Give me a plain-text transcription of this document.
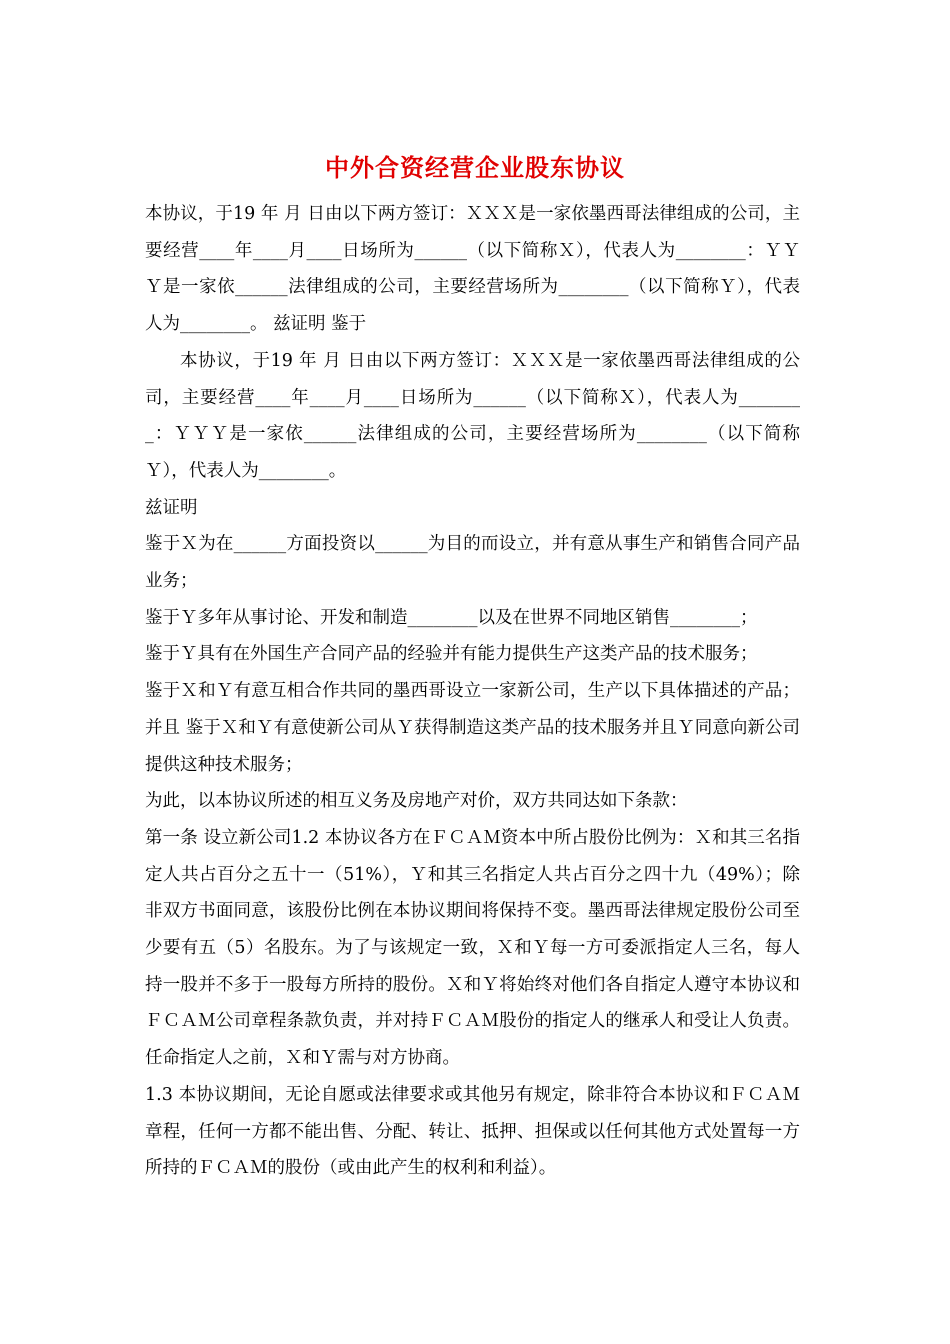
中外合资经营企业股东协议

本协议，于19 年 月 日由以下两方签订：ＸＸＸ是一家依墨西哥法律组成的公司，主要经营____年____月____日场所为______（以下简称Ｘ），代表人为________：ＹＹＹ是一家依______法律组成的公司，主要经营场所为________（以下简称Ｙ），代表人为________。 兹证明 鉴于

本协议，于19 年 月 日由以下两方签订：ＸＸＸ是一家依墨西哥法律组成的公司，主要经营____年____月____日场所为______（以下简称Ｘ），代表人为________：ＹＹＹ是一家依______法律组成的公司，主要经营场所为________（以下简称Ｙ），代表人为________。

兹证明

鉴于Ｘ为在______方面投资以______为目的而设立，并有意从事生产和销售合同产品业务；

鉴于Ｙ多年从事讨论、开发和制造________以及在世界不同地区销售________；

鉴于Ｙ具有在外国生产合同产品的经验并有能力提供生产这类产品的技术服务；

鉴于Ｘ和Ｙ有意互相合作共同的墨西哥设立一家新公司，生产以下具体描述的产品；并且 鉴于Ｘ和Ｙ有意使新公司从Ｙ获得制造这类产品的技术服务并且Ｙ同意向新公司提供这种技术服务；

为此，以本协议所述的相互义务及房地产对价，双方共同达如下条款：

第一条 设立新公司1.2 本协议各方在ＦＣＡＭ资本中所占股份比例为：Ｘ和其三名指定人共占百分之五十一（51%），Ｙ和其三名指定人共占百分之四十九（49%）；除非双方书面同意，该股份比例在本协议期间将保持不变。墨西哥法律规定股份公司至少要有五（5）名股东。为了与该规定一致，Ｘ和Ｙ每一方可委派指定人三名，每人持一股并不多于一股每方所持的股份。Ｘ和Ｙ将始终对他们各自指定人遵守本协议和ＦＣＡＭ公司章程条款负责，并对持ＦＣＡＭ股份的指定人的继承人和受让人负责。任命指定人之前，Ｘ和Ｙ需与对方协商。

1.3 本协议期间，无论自愿或法律要求或其他另有规定，除非符合本协议和ＦＣＡＭ章程，任何一方都不能出售、分配、转让、抵押、担保或以任何其他方式处置每一方所持的ＦＣＡＭ的股份（或由此产生的权利和利益）。
